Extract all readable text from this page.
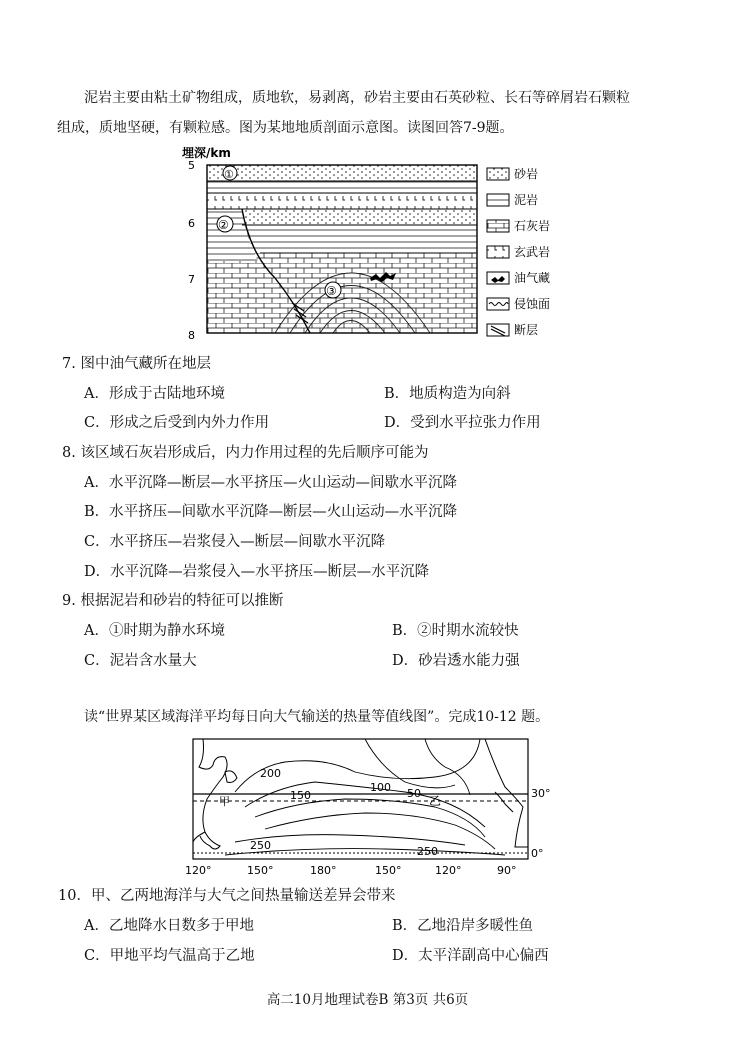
泥岩主要由粘土矿物组成，质地软，易剥离，砂岩主要由石英砂粒、长石等碎屑岩石颗粒
组成，质地坚硬，有颗粒感。图为某地地质剖面示意图。读图回答7-9题。
埋深/km
5
6
7
8
①
②
③
砂岩
泥岩
石灰岩
玄武岩
油气藏
侵蚀面
断层
7. 图中油气藏所在地层
A．形成于古陆地环境	B．地质构造为向斜
C．形成之后受到内外力作用	D．受到水平拉张力作用
8. 该区域石灰岩形成后，内力作用过程的先后顺序可能为
A．水平沉降—断层—水平挤压—火山运动—间歇水平沉降
B．水平挤压—间歇水平沉降—断层—火山运动—水平沉降
C．水平挤压—岩浆侵入—断层—间歇水平沉降
D．水平沉降—岩浆侵入—水平挤压—断层—水平沉降
9. 根据泥岩和砂岩的特征可以推断
A．①时期为静水环境	B．②时期水流较快
C．泥岩含水量大	D．砂岩透水能力强
读“世界某区域海洋平均每日向大气输送的热量等值线图”。完成10-12 题。
200
150
100 50
250	250
甲	乙
30°
0°
120°	150°	180°	150°	120°	90°
10．甲、乙两地海洋与大气之间热量输送差异会带来
A．乙地降水日数多于甲地	B．乙地沿岸多暖性鱼
C．甲地平均气温高于乙地	D．太平洋副高中心偏西
高二10月地理试卷B 第3页 共6页
